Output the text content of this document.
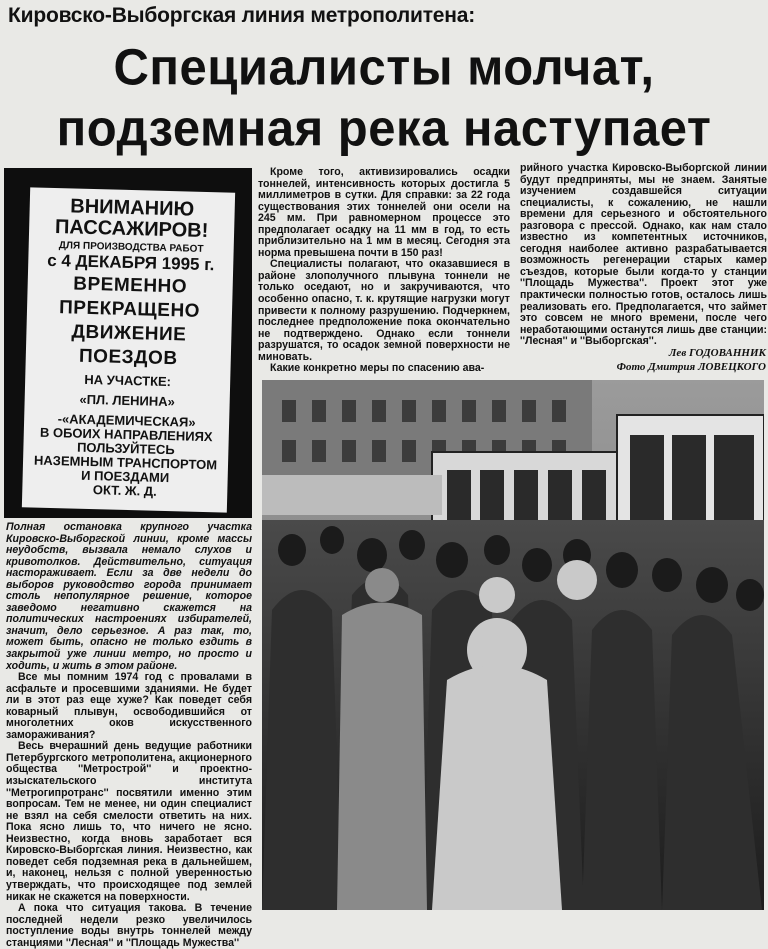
Кировско-Выборгская линия метрополитена:
Специалисты молчат,
подземная река наступает
ВНИМАНИЮ
ПАССАЖИРОВ!
ДЛЯ ПРОИЗВОДСТВА РАБОТ
с 4 ДЕКАБРЯ 1995 г.
ВРЕМЕННО
ПРЕКРАЩЕНО
ДВИЖЕНИЕ
ПОЕЗДОВ
НА УЧАСТКЕ:
«ПЛ. ЛЕНИНА»
-«АКАДЕМИЧЕСКАЯ»
В ОБОИХ НАПРАВЛЕНИЯХ
ПОЛЬЗУЙТЕСЬ
НАЗЕМНЫМ ТРАНСПОРТОМ
И ПОЕЗДАМИ
ОКТ. Ж. Д.

Кроме того, активизировались осадки тоннелей, интенсивность которых достигла 5 миллиметров в сутки. Для справки: за 22 года существования этих тоннелей они осели на 245 мм. При равномерном процессе это предполагает осадку на 11 мм в год, то есть приблизительно на 1 мм в месяц. Сегодня эта норма превышена почти в 150 раз!

Специалисты полагают, что оказавшиеся в районе злополучного плывуна тоннели не только оседают, но и закручиваются, что особенно опасно, т. к. крутящие нагрузки могут привести к полному разрушению. Подчеркнем, последнее предположение пока окончательно не подтверждено. Однако если тоннели разрушатся, то осадок земной поверхности не миновать.

Какие конкретно меры по спасению ава-

рийного участка Кировско-Выборгской линии будут предприняты, мы не знаем. Занятые изучением создавшейся ситуации специалисты, к сожалению, не нашли времени для серьезного и обстоятельного разговора с прессой. Однако, как нам стало известно из компетентных источников, сегодня наиболее активно разрабатывается возможность регенерации старых камер съездов, которые были когда-то у станции ''Площадь Мужества''. Проект этот уже практически полностью готов, осталось лишь реализовать его. Предполагается, что займет это совсем не много времени, после чего неработающими останутся лишь две станции: ''Лесная'' и ''Выборгская''.

Лев ГОДОВАННИК
Фото Дмитрия ЛОВЕЦКОГО

Полная остановка крупного участка Кировско-Выборгской линии, кроме массы неудобств, вызвала немало слухов и кривотолков. Действительно, ситуация настораживает. Если за две недели до выборов руководство города принимает столь непопулярное решение, которое заведомо негативно скажется на политических настроениях избирателей, значит, дело серьезное. А раз так, то, может быть, опасно не только ездить в закрытой уже линии метро, но просто и ходить, и жить в этом районе.

Все мы помним 1974 год с провалами в асфальте и просевшими зданиями. Не будет ли в этот раз еще хуже? Как поведет себя коварный плывун, освободившийся от многолетних оков искусственного замораживания?

Весь вчерашний день ведущие работники Петербургского метрополитена, акционерного общества ''Метрострой'' и проектно-изыскательского института ''Метрогипротранс'' посвятили именно этим вопросам. Тем не менее, ни один специалист не взял на себя смелости ответить на них. Пока ясно лишь то, что ничего не ясно. Неизвестно, когда вновь заработает вся Кировско-Выборгская линия. Неизвестно, как поведет себя подземная река в дальнейшем, и, наконец, нельзя с полной уверенностью утверждать, что происходящее под землей никак не скажется на поверхности.

А пока что ситуация такова. В течение последней недели резко увеличилось поступление воды внутрь тоннелей между станциями ''Лесная'' и ''Площадь Мужества''
